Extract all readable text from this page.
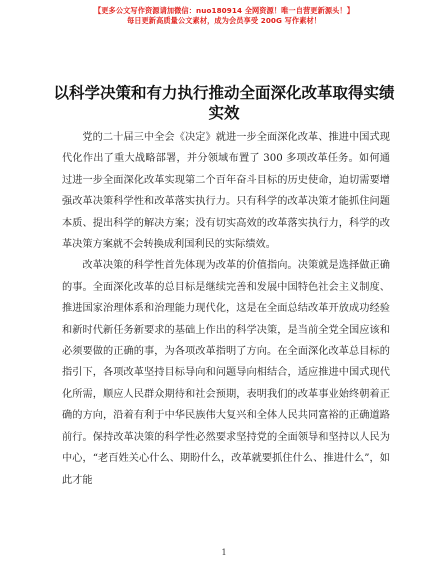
【更多公文写作资源请加微信：nuo180914 全网资源！唯一自营更新源头！】
每日更新高质量公文素材，成为会员享受 200G 写作素材！
以科学决策和有力执行推动全面深化改革取得实绩实效

党的二十届三中全会《决定》就进一步全面深化改革、推进中国式现代化作出了重大战略部署，并分领域布置了 300 多项改革任务。如何通过进一步全面深化改革实现第二个百年奋斗目标的历史使命，迫切需要增强改革决策科学性和改革落实执行力。只有科学的改革决策才能抓住问题本质、提出科学的解决方案；没有切实高效的改革落实执行力，科学的改革决策方案就不会转换成利国利民的实际绩效。

改革决策的科学性首先体现为改革的价值指向。决策就是选择做正确的事。全面深化改革的总目标是继续完善和发展中国特色社会主义制度、推进国家治理体系和治理能力现代化，这是在全面总结改革开放成功经验和新时代新任务新要求的基础上作出的科学决策，是当前全党全国应该和必须要做的正确的事，为各项改革指明了方向。在全面深化改革总目标的指引下，各项改革坚持目标导向和问题导向相结合，适应推进中国式现代化所需，顺应人民群众期待和社会预期，表明我们的改革事业始终朝着正确的方向，沿着有利于中华民族伟大复兴和全体人民共同富裕的正确道路前行。保持改革决策的科学性必然要求坚持党的全面领导和坚持以人民为中心，“老百姓关心什么、期盼什么，改革就要抓住什么、推进什么”，如此才能

1
